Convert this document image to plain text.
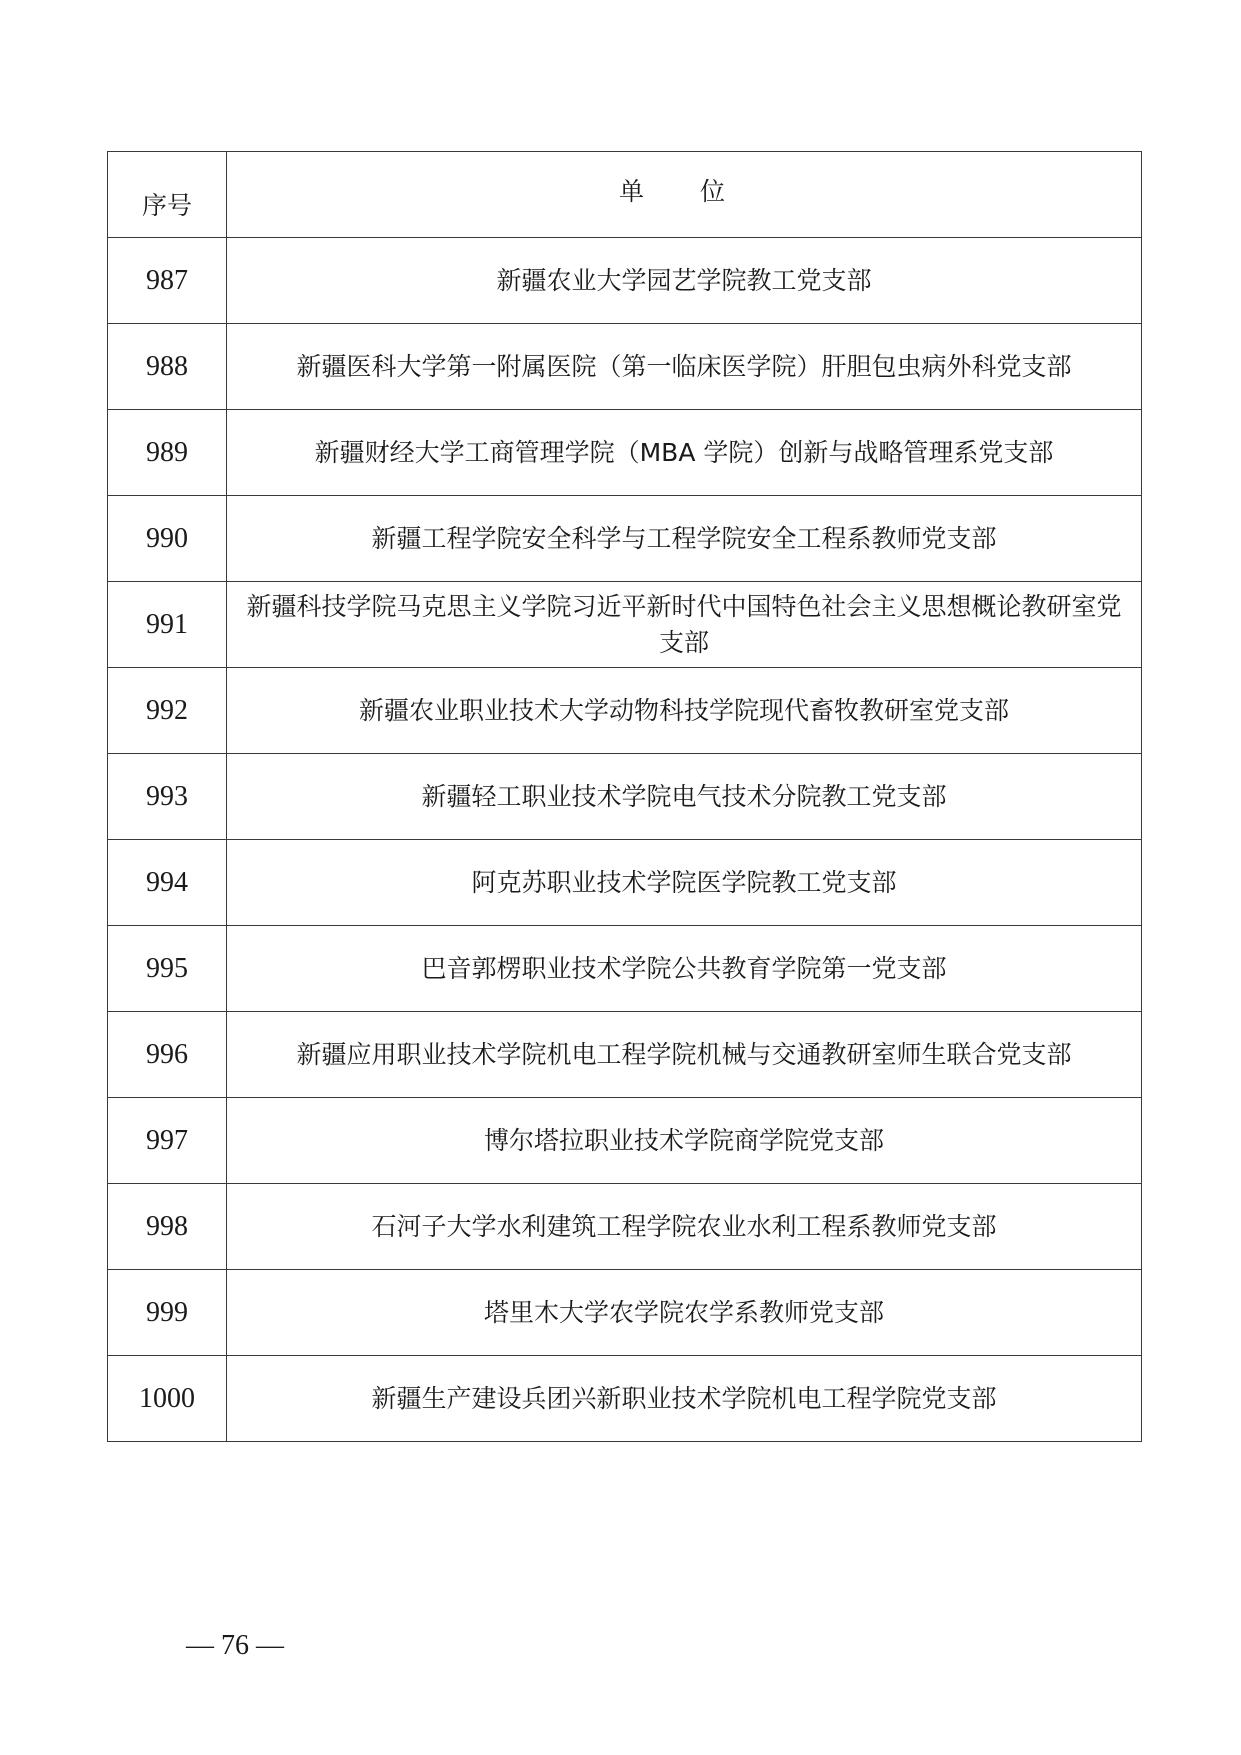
序号	单 位
987	新疆农业大学园艺学院教工党支部
988	新疆医科大学第一附属医院（第一临床医学院）肝胆包虫病外科党支部
989	新疆财经大学工商管理学院（MBA 学院）创新与战略管理系党支部
990	新疆工程学院安全科学与工程学院安全工程系教师党支部
991	新疆科技学院马克思主义学院习近平新时代中国特色社会主义思想概论教研室党支部
992	新疆农业职业技术大学动物科技学院现代畜牧教研室党支部
993	新疆轻工职业技术学院电气技术分院教工党支部
994	阿克苏职业技术学院医学院教工党支部
995	巴音郭楞职业技术学院公共教育学院第一党支部
996	新疆应用职业技术学院机电工程学院机械与交通教研室师生联合党支部
997	博尔塔拉职业技术学院商学院党支部
998	石河子大学水利建筑工程学院农业水利工程系教师党支部
999	塔里木大学农学院农学系教师党支部
1000	新疆生产建设兵团兴新职业技术学院机电工程学院党支部
— 76 —
